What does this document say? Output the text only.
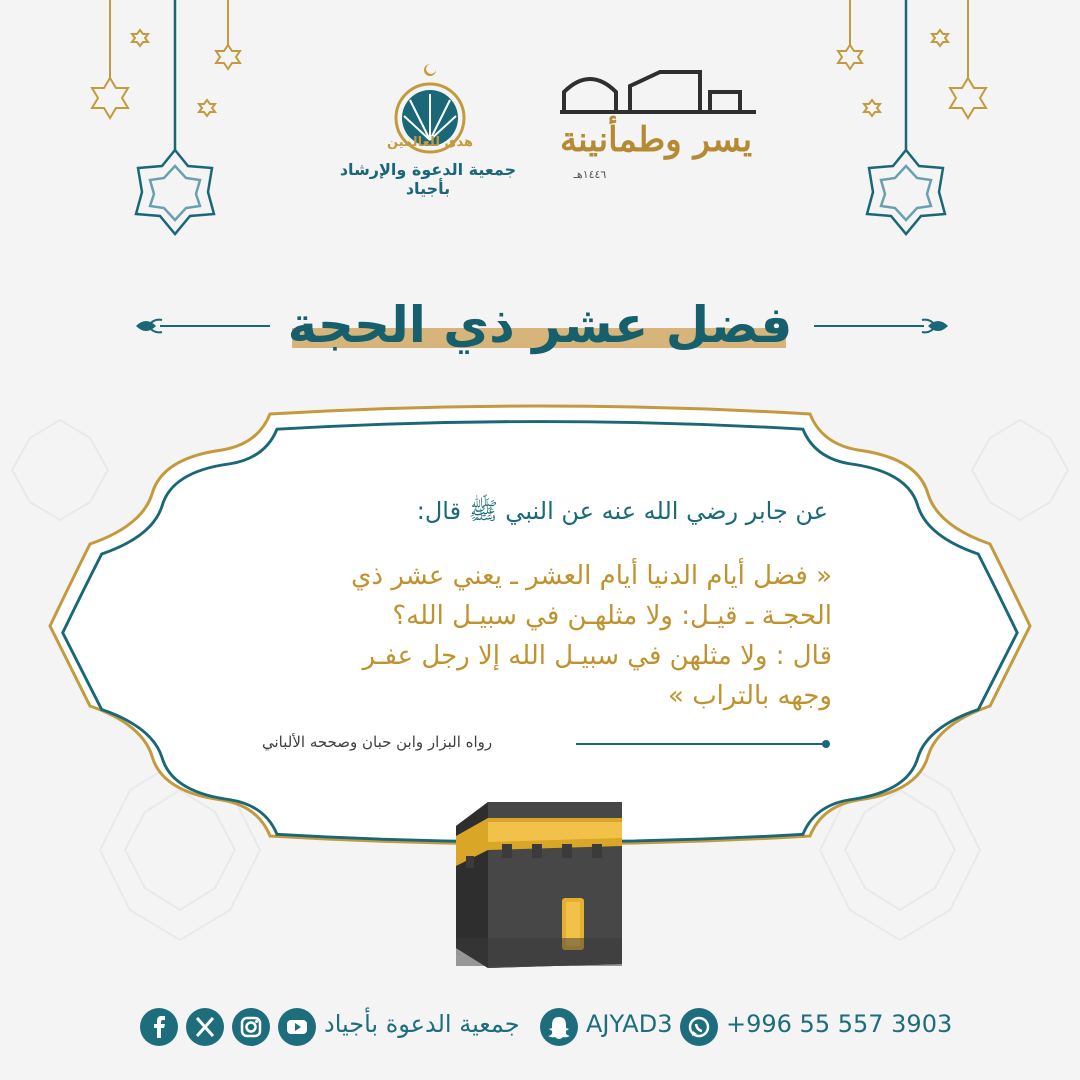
هدى للعالمين
جمعية الدعوة والإرشاد بأجياد
يسر وطمأنينة
١٤٤٦هـ
فضل عشر ذي الحجة
عن جابر رضي الله عنه عن النبي ﷺ قال:
« فضل أيام الدنيا أيام العشر ـ يعني عشر ذي
الحجـة ـ قيـل: ولا مثلهـن في سبيـل الله؟
قال : ولا مثلهن في سبيـل الله إلا رجل عفـر
وجهه بالتراب »
رواه البزار وابن حبان وصححه الألباني
جمعية الدعوة بأجياد	AJYAD3 +996 55 557 3903
